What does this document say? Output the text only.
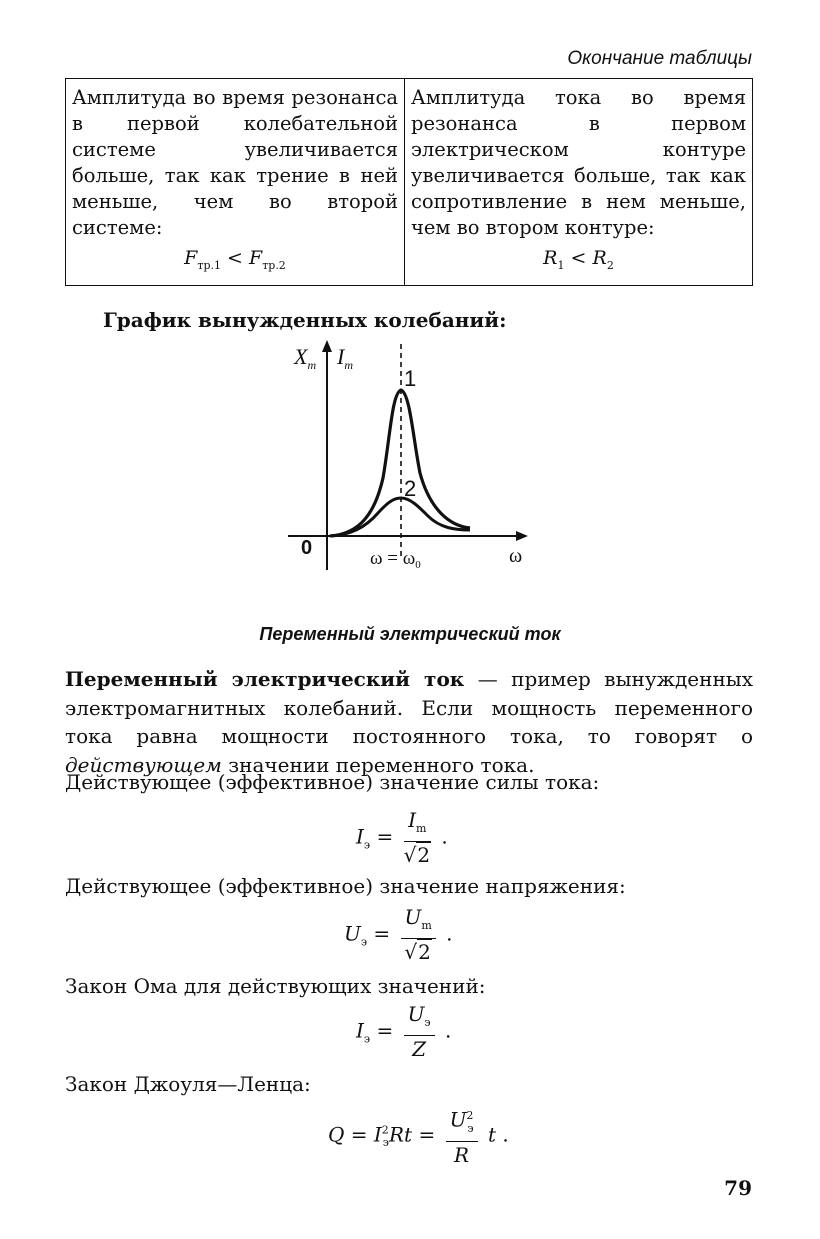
Окончание таблицы
Амплитуда во время резонанса в первой колебательной системе увеличивается больше, так как трение в ней меньше, чем во второй системе:
$F_{тр.1} < F_{тр.2}$

Амплитуда тока во время резонанса в первом электрическом контуре увеличивается больше, так как сопротивление в нем меньше, чем во втором контуре:
$R_1 < R_2$
График вынужденных колебаний:
$X_m$ $I_m$
1
2
0	$\omega = \omega_0$	ω
Переменный электрический ток
Переменный электрический ток — пример вынужденных электромагнитных колебаний. Если мощность переменного тока равна мощности постоянного тока, то говорят о действующем значении переменного тока.
Действующее (эффективное) значение силы тока:
$I_э = \frac{I_m}{√2}$ .
Действующее (эффективное) значение напряжения:
$U_э = \frac{U_m}{√2}$ .
Закон Ома для действующих значений:
$I_э = \frac{U_э}{Z}$ .
Закон Джоуля—Ленца:
$Q = I^2_эRt = \frac{U^2_э}{R}$ t .
79
